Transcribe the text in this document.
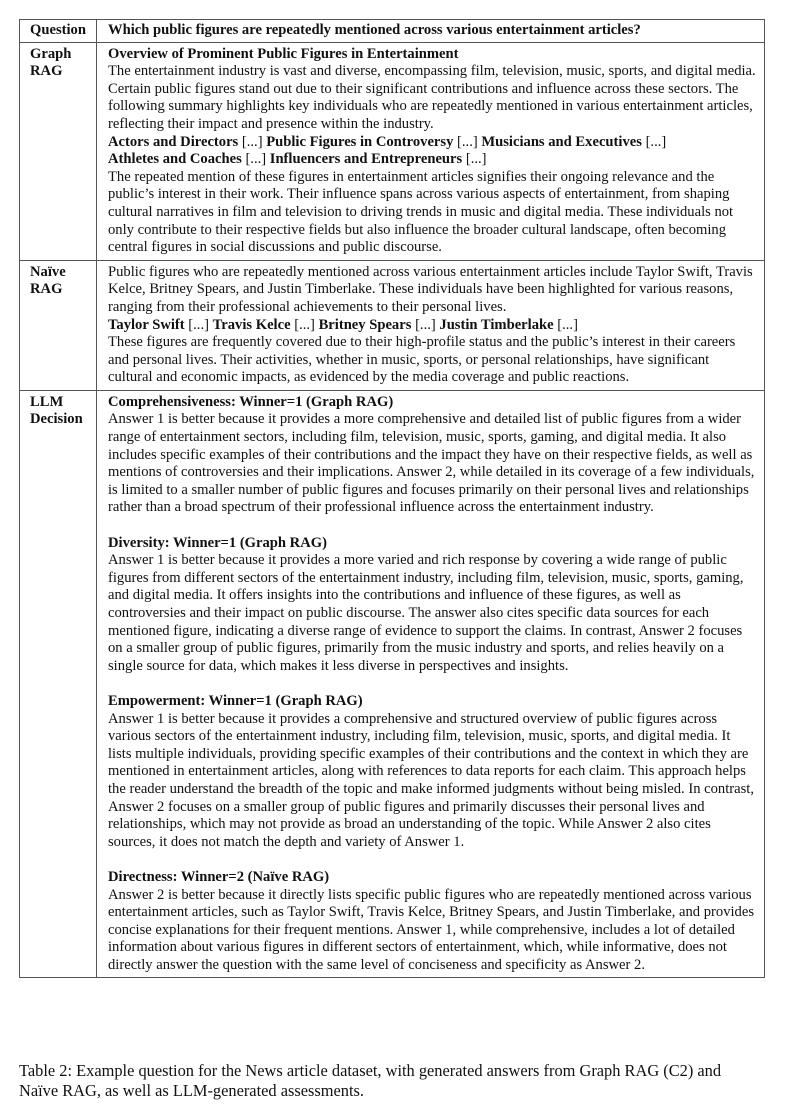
Question	Which public figures are repeatedly mentioned across various entertainment articles?
Graph
RAG

Overview of Prominent Public Figures in Entertainment

The entertainment industry is vast and diverse, encompassing film, television, music, sports, and digital media. Certain public figures stand out due to their significant contributions and influence across these sectors. The following summary highlights key individuals who are repeatedly mentioned in various entertainment articles, reflecting their impact and presence within the industry.

Actors and Directors [...] Public Figures in Controversy [...] Musicians and Executives [...]
Athletes and Coaches [...] Influencers and Entrepreneurs [...]

The repeated mention of these figures in entertainment articles signifies their ongoing relevance and the public’s interest in their work. Their influence spans across various aspects of entertainment, from shaping cultural narratives in film and television to driving trends in music and digital media. These individuals not only contribute to their respective fields but also influence the broader cultural landscape, often becoming central figures in social discussions and public discourse.

Naïve
RAG

Public figures who are repeatedly mentioned across various entertainment articles include Taylor Swift, Travis Kelce, Britney Spears, and Justin Timberlake. These individuals have been highlighted for various reasons, ranging from their professional achievements to their personal lives.

Taylor Swift [...] Travis Kelce [...] Britney Spears [...] Justin Timberlake [...]

These figures are frequently covered due to their high-profile status and the public’s interest in their careers and personal lives. Their activities, whether in music, sports, or personal relationships, have significant cultural and economic impacts, as evidenced by the media coverage and public reactions.

LLM
Decision

Comprehensiveness: Winner=1 (Graph RAG)

Answer 1 is better because it provides a more comprehensive and detailed list of public figures from a wider range of entertainment sectors, including film, television, music, sports, gaming, and digital media. It also includes specific examples of their contributions and the impact they have on their respective fields, as well as mentions of controversies and their implications. Answer 2, while detailed in its coverage of a few individuals, is limited to a smaller number of public figures and focuses primarily on their personal lives and relationships rather than a broad spectrum of their professional influence across the entertainment industry.

Diversity: Winner=1 (Graph RAG)

Answer 1 is better because it provides a more varied and rich response by covering a wide range of public figures from different sectors of the entertainment industry, including film, television, music, sports, gaming, and digital media. It offers insights into the contributions and influence of these figures, as well as controversies and their impact on public discourse. The answer also cites specific data sources for each mentioned figure, indicating a diverse range of evidence to support the claims. In contrast, Answer 2 focuses on a smaller group of public figures, primarily from the music industry and sports, and relies heavily on a single source for data, which makes it less diverse in perspectives and insights.

Empowerment: Winner=1 (Graph RAG)

Answer 1 is better because it provides a comprehensive and structured overview of public figures across various sectors of the entertainment industry, including film, television, music, sports, and digital media. It lists multiple individuals, providing specific examples of their contributions and the context in which they are mentioned in entertainment articles, along with references to data reports for each claim. This approach helps the reader understand the breadth of the topic and make informed judgments without being misled. In contrast, Answer 2 focuses on a smaller group of public figures and primarily discusses their personal lives and relationships, which may not provide as broad an understanding of the topic. While Answer 2 also cites sources, it does not match the depth and variety of Answer 1.

Directness: Winner=2 (Naïve RAG)

Answer 2 is better because it directly lists specific public figures who are repeatedly mentioned across various entertainment articles, such as Taylor Swift, Travis Kelce, Britney Spears, and Justin Timberlake, and provides concise explanations for their frequent mentions. Answer 1, while comprehensive, includes a lot of detailed information about various figures in different sectors of entertainment, which, while informative, does not directly answer the question with the same level of conciseness and specificity as Answer 2.

Table 2: Example question for the News article dataset, with generated answers from Graph RAG (C2) and Naïve RAG, as well as LLM-generated assessments.
